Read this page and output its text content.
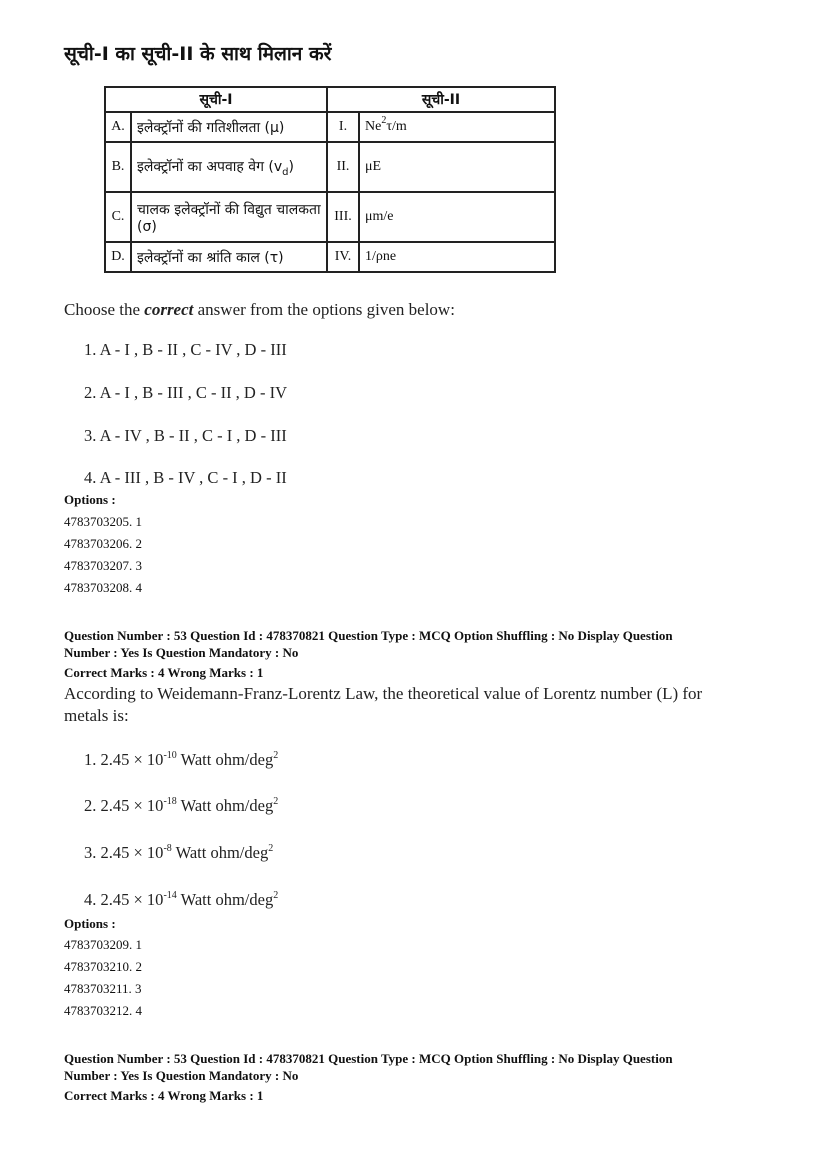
सूची-I का सूची-II के साथ मिलान करें
सूची-I		सूची-II	
A.	इलेक्ट्रॉनों की गतिशीलता (μ)	I.	Ne$^2$τ/m
B.	इलेक्ट्रॉनों का अपवाह वेग $(v_d)$	II.	μE
C.	चालक इलेक्ट्रॉनों की विद्युत चालकता (σ)	III.	μm/e
D.	इलेक्ट्रॉनों का श्रांति काल (τ)	IV.	1/ρne
Choose the correct answer from the options given below:
1. A - I , B - II , C - IV , D - III
2. A - I , B - III , C - II , D - IV
3. A - IV , B - II , C - I , D - III
4. A - III , B - IV , C - I , D - II
Options :
4783703205. 1
4783703206. 2
4783703207. 3
4783703208. 4
Question Number : 53 Question Id : 478370821 Question Type : MCQ Option Shuffling : No Display Question
Number : Yes Is Question Mandatory : No
Correct Marks : 4 Wrong Marks : 1
According to Weidemann-Franz-Lorentz Law, the theoretical value of Lorentz number (L) for
metals is:
1. $2.45 \times 10^{-10}$ Watt ohm/deg$^2$
2. $2.45 \times 10^{-18}$ Watt ohm/deg$^2$
3. $2.45 \times 10^{-8}$ Watt ohm/deg$^2$
4. $2.45 \times 10^{-14}$ Watt ohm/deg$^2$
Options :
4783703209. 1
4783703210. 2
4783703211. 3
4783703212. 4
Question Number : 53 Question Id : 478370821 Question Type : MCQ Option Shuffling : No Display Question
Number : Yes Is Question Mandatory : No
Correct Marks : 4 Wrong Marks : 1
